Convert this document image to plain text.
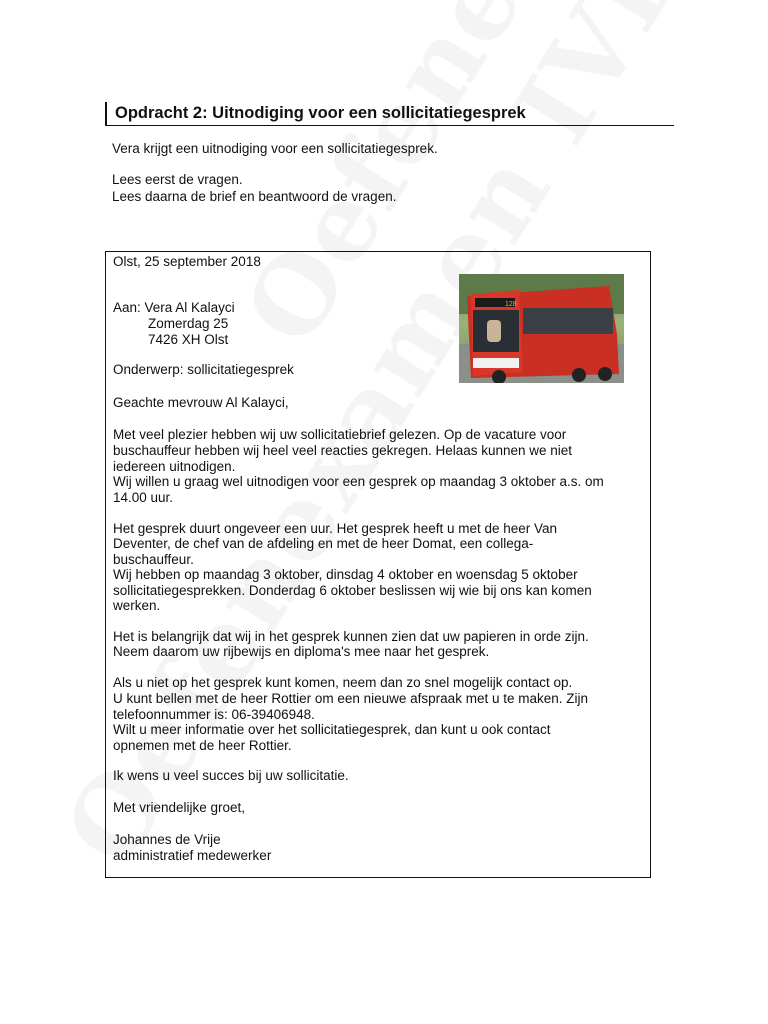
Opdracht 2: Uitnodiging voor een sollicitatiegesprek
Vera krijgt een uitnodiging voor een sollicitatiegesprek.
Lees eerst de vragen.
Lees daarna de brief en beantwoord de vragen.
Olst, 25 september 2018
Aan: Vera Al Kalayci
Zomerdag 25
7426 XH Olst
128
Onderwerp: sollicitatiegesprek
Geachte mevrouw Al Kalayci,
Met veel plezier hebben wij uw sollicitatiebrief gelezen. Op de vacature voor
buschauffeur hebben wij heel veel reacties gekregen. Helaas kunnen we niet
iedereen uitnodigen.
Wij willen u graag wel uitnodigen voor een gesprek op maandag 3 oktober a.s. om
14.00 uur.
Het gesprek duurt ongeveer een uur. Het gesprek heeft u met de heer Van
Deventer, de chef van de afdeling en met de heer Domat, een collega-
buschauffeur.
Wij hebben op maandag 3 oktober, dinsdag 4 oktober en woensdag 5 oktober
sollicitatiegesprekken. Donderdag 6 oktober beslissen wij wie bij ons kan komen
werken.
Het is belangrijk dat wij in het gesprek kunnen zien dat uw papieren in orde zijn.
Neem daarom uw rijbewijs en diploma's mee naar het gesprek.
Als u niet op het gesprek kunt komen, neem dan zo snel mogelijk contact op.
U kunt bellen met de heer Rottier om een nieuwe afspraak met u te maken. Zijn
telefoonnummer is: 06-39406948.
Wilt u meer informatie over het sollicitatiegesprek, dan kunt u ook contact
opnemen met de heer Rottier.
Ik wens u veel succes bij uw sollicitatie.
Met vriendelijke groet,
Johannes de Vrije
administratief medewerker
